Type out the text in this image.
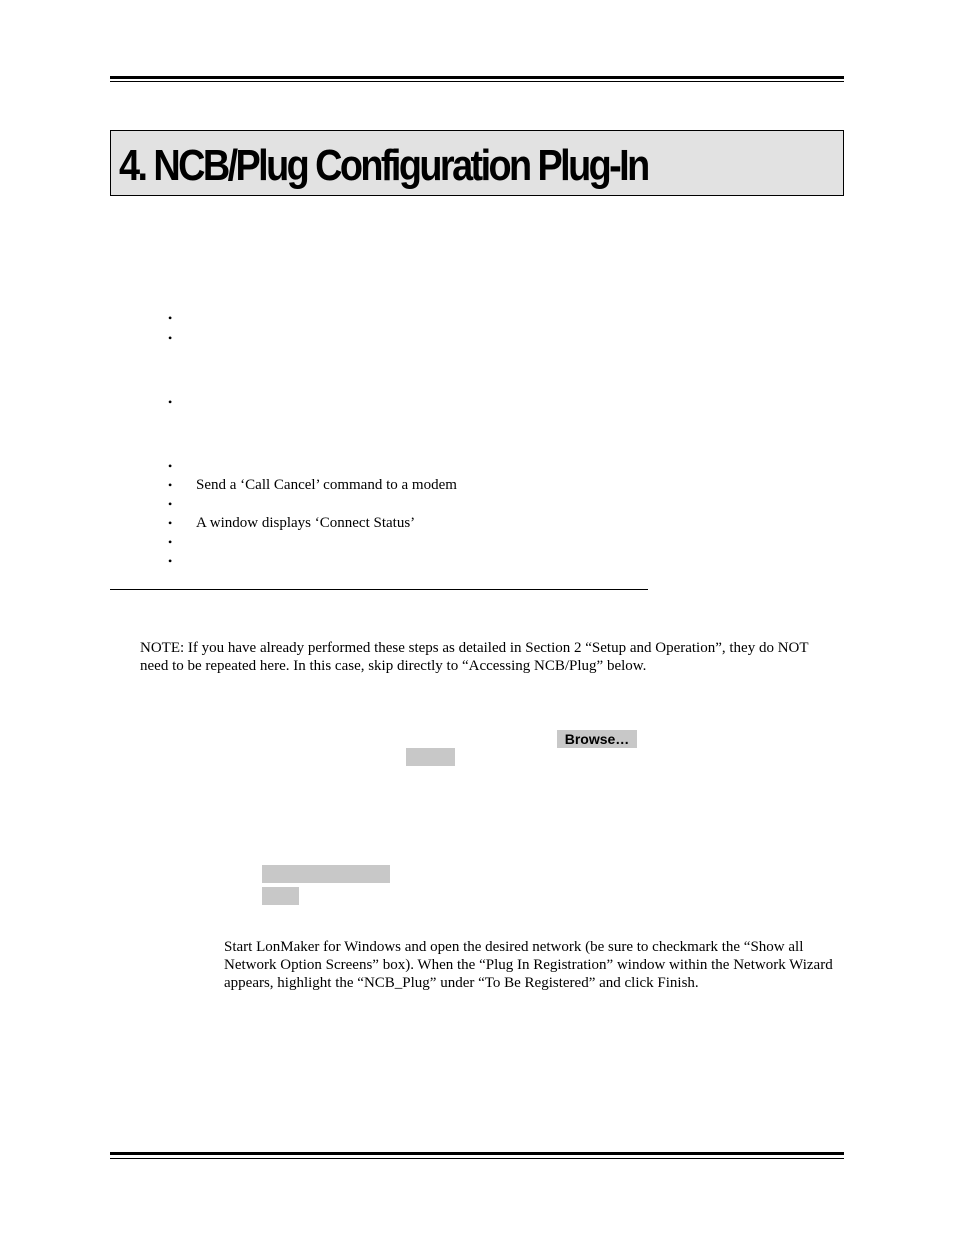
4. NCB/Plug Configuration Plug-In
•
•
•
•
•
Send a ‘Call Cancel’ command to a modem
•
•
A window displays ‘Connect Status’
•
•
NOTE: If you have already performed these steps as detailed in Section 2 “Setup and Operation”, they do NOT need to be repeated here. In this case, skip directly to “Accessing NCB/Plug” below.
Browse…
Start LonMaker for Windows and open the desired network (be sure to checkmark the “Show all Network Option Screens” box). When the “Plug In Registration” window within the Network Wizard appears, highlight the “NCB_Plug” under “To Be Registered” and click Finish.
